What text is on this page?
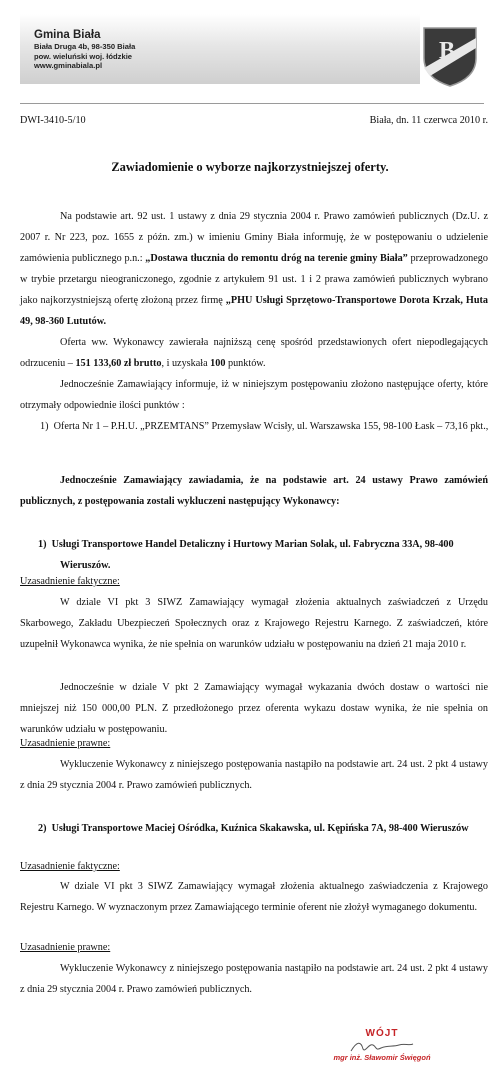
Gmina Biała
Biała Druga 4b, 98-350 Biała
pow. wieluński woj. łódzkie
www.gminabiala.pl
B
DWI-3410-5/10	Biała, dn. 11 czerwca 2010 r.
Zawiadomienie o wyborze najkorzystniejszej oferty.

Na podstawie art. 92 ust. 1 ustawy z dnia 29 stycznia 2004 r. Prawo zamówień publicznych (Dz.U. z 2007 r. Nr 223, poz. 1655 z późn. zm.) w imieniu Gminy Biała informuję, że w postępowaniu o udzielenie zamówienia publicznego p.n.: „Dostawa tłucznia do remontu dróg na terenie gminy Biała” przeprowadzonego w trybie przetargu nieograniczonego, zgodnie z artykułem 91 ust. 1 i 2 prawa zamówień publicznych wybrano jako najkorzystniejszą ofertę złożoną przez firmę „PHU Usługi Sprzętowo-Transportowe Dorota Krzak, Huta 49, 98-360 Lututów.

Oferta ww. Wykonawcy zawierała najniższą cenę spośród przedstawionych ofert niepodlegających odrzuceniu – 151 133,60 zł brutto, i uzyskała 100 punktów.

Jednocześnie Zamawiający informuje, iż w niniejszym postępowaniu złożono następujące oferty, które otrzymały odpowiednie ilości punktów :

1)  Oferta Nr 1 – P.H.U. „PRZEMTANS” Przemysław Wcisły, ul. Warszawska 155, 98-100 Łask – 73,16 pkt.,

Jednocześnie Zamawiający zawiadamia, że na podstawie art. 24 ustawy Prawo zamówień publicznych, z postępowania zostali wykluczeni następujący Wykonawcy:

1)  Usługi Transportowe Handel Detaliczny i Hurtowy Marian Solak, ul. Fabryczna 33A, 98-400 Wieruszów.

Uzasadnienie faktyczne:

W dziale VI pkt 3 SIWZ Zamawiający wymagał złożenia aktualnych zaświadczeń z Urzędu Skarbowego, Zakładu Ubezpieczeń Społecznych oraz z Krajowego Rejestru Karnego. Z zaświadczeń, które uzupełnił Wykonawca wynika, że nie spełnia on warunków udziału w postępowaniu na dzień 21 maja 2010 r.

Jednocześnie w dziale V pkt 2 Zamawiający wymagał wykazania dwóch dostaw o wartości nie mniejszej niż 150 000,00 PLN. Z przedłożonego przez oferenta wykazu dostaw wynika, że nie spełnia on warunków udziału w postępowaniu.

Uzasadnienie prawne:

Wykluczenie Wykonawcy z niniejszego postępowania nastąpiło na podstawie art. 24 ust. 2 pkt 4 ustawy z dnia 29 stycznia 2004 r. Prawo zamówień publicznych.

2)  Usługi Transportowe Maciej Ośródka, Kuźnica Skakawska, ul. Kępińska 7A, 98-400 Wieruszów

Uzasadnienie faktyczne:

W dziale VI pkt 3 SIWZ Zamawiający wymagał złożenia aktualnego zaświadczenia z Krajowego Rejestru Karnego. W wyznaczonym przez Zamawiającego terminie oferent nie złożył wymaganego dokumentu.

Uzasadnienie prawne:

Wykluczenie Wykonawcy z niniejszego postępowania nastąpiło na podstawie art. 24 ust. 2 pkt 4 ustawy z dnia 29 stycznia 2004 r. Prawo zamówień publicznych.

WÓJT
mgr inż. Sławomir Święgoń
